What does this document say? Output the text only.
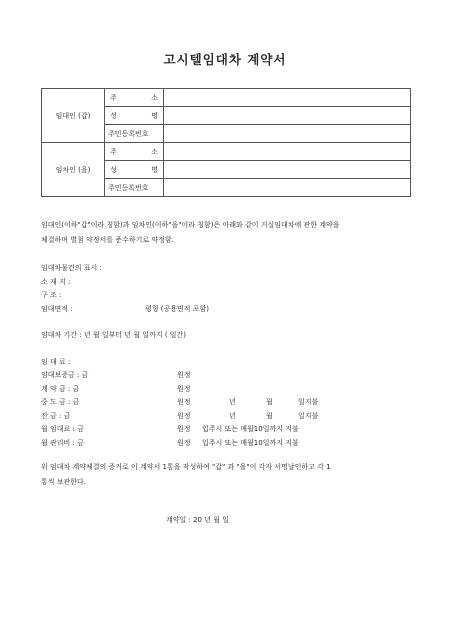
고시텔임대차 계약서
임대인 (갑)	주 소	
	성 명	
	주민등록번호	
임차인 (을)	주 소	
	성 명	
	주민등록번호	
임대인(이하"갑"이라 칭함)과 임차인(이하"을"이라 칭함)은 아래와 같이 거실임대차에 관한 계약을
체결하며 별첨 약정서를 준수하기로 약정함.
임대차물건의 표시 :
소 재 지 :
구 조 :
임대면적 :	평형 (공용면적 포함)
임대차 기간 : 년 월 일부터 년 월 일까지 ( 일간)
임 대 료 :
임대보증금 : 금	원정
계 약 금 : 금	원정
중 도 금 : 금	원정	년	월	일지불
잔 금 : 금	원정	년	월	일지불
월 임대료 : 금	원정 입주시 또는 매월10일까지 지불
월 관리비 : 금	원정 입주시 또는 매월10일까지 지불
위 임대차 계약체결의 증거로 이 계약서 1통을 작성하여 "갑" 과 "을"이 각자 서명날인하고 각 1
통씩 보관한다.
계약일 : 20 년 월 일
